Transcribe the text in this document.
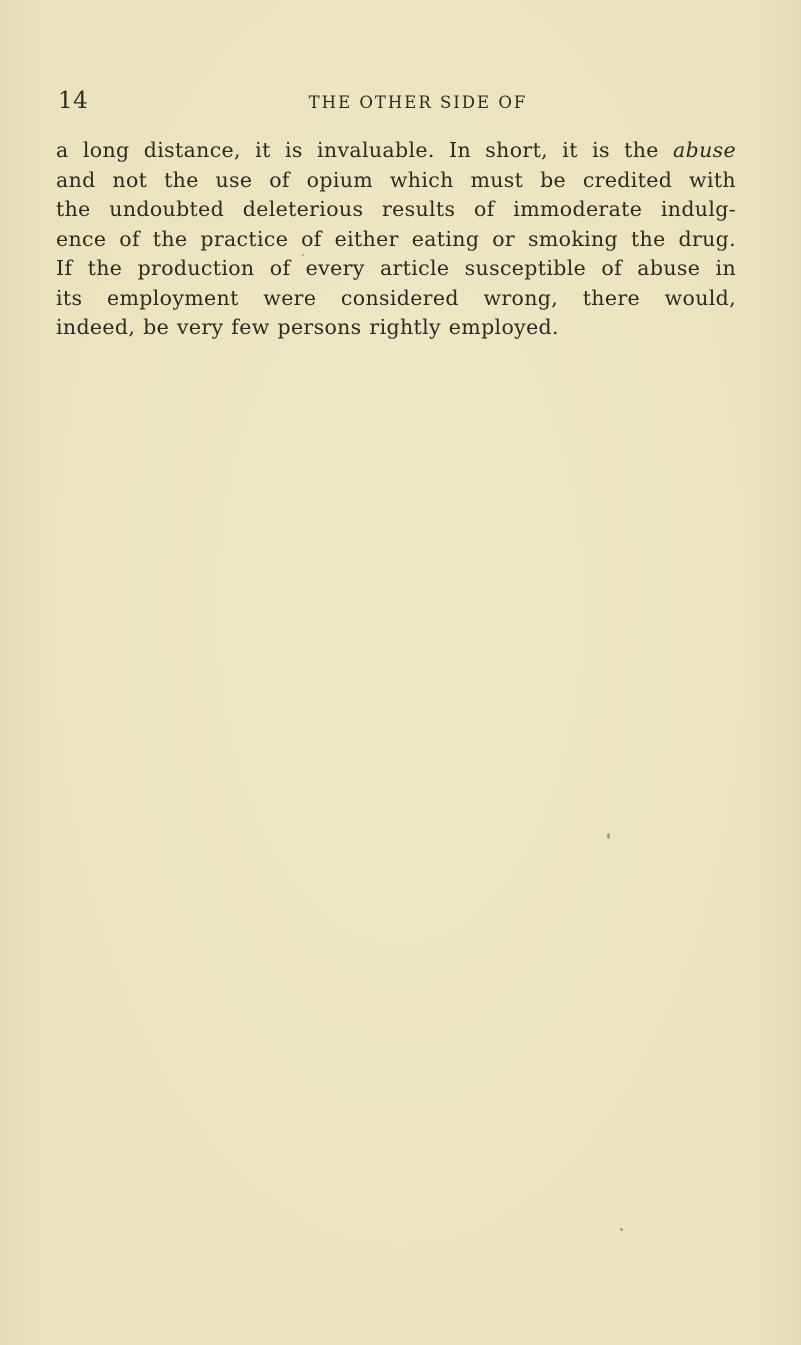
14	THE OTHER SIDE OF
a long distance, it is invaluable. In short, it is the abuse
and not the use of opium which must be credited with
the undoubted deleterious results of immoderate indulg-
ence of the practice of either eating or smoking the drug.
If the production of every article susceptible of abuse in
its employment were considered wrong, there would,
indeed, be very few persons rightly employed.
